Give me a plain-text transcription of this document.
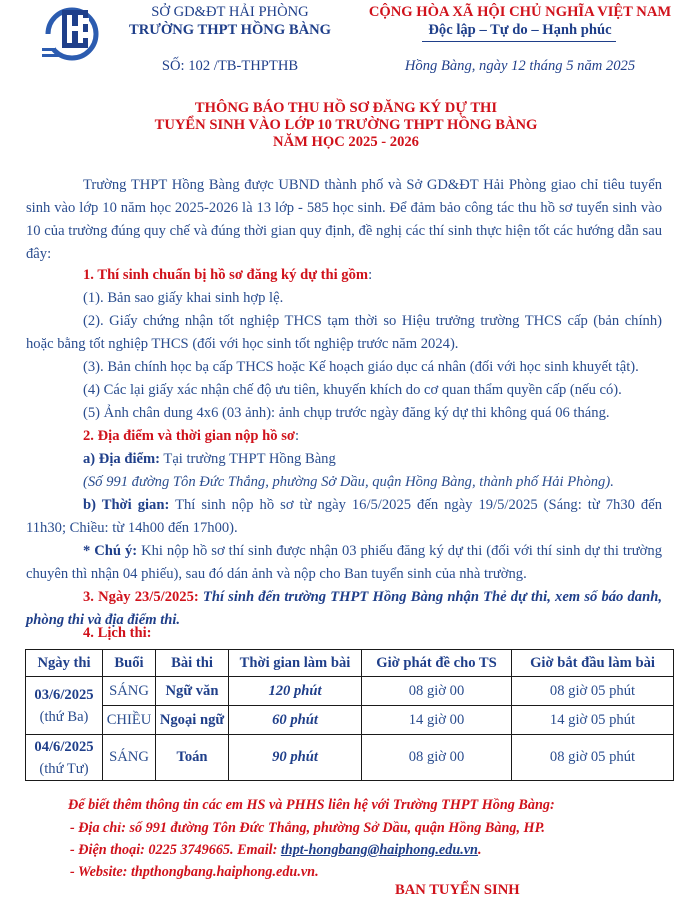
SỞ GD&ĐT HẢI PHÒNG
TRƯỜNG THPT HỒNG BÀNG
CỘNG HÒA XÃ HỘI CHỦ NGHĨA VIỆT NAM
Độc lập – Tự do – Hạnh phúc
SỐ: 102 /TB-THPTHB	Hồng Bàng, ngày 12 tháng 5 năm 2025
THÔNG BÁO THU HỒ SƠ ĐĂNG KÝ DỰ THI
TUYỂN SINH VÀO LỚP 10 TRƯỜNG THPT HỒNG BÀNG
NĂM HỌC 2025 - 2026

Trường THPT Hồng Bàng được UBND thành phố và Sở GD&ĐT Hải Phòng giao chỉ tiêu tuyển sinh vào lớp 10 năm học 2025-2026 là 13 lớp - 585 học sinh. Để đảm bảo công tác thu hồ sơ tuyển sinh vào 10 của trường đúng quy chế và đúng thời gian quy định, đề nghị các thí sinh thực hiện tốt các hướng dẫn sau đây:

1. Thí sinh chuẩn bị hồ sơ đăng ký dự thi gồm:

(1). Bản sao giấy khai sinh hợp lệ.

(2). Giấy chứng nhận tốt nghiệp THCS tạm thời so Hiệu trưởng trường THCS cấp (bản chính) hoặc bằng tốt nghiệp THCS (đối với học sinh tốt nghiệp trước năm 2024).

(3). Bản chính học bạ cấp THCS hoặc Kế hoạch giáo dục cá nhân (đối với học sinh khuyết tật).

(4) Các lại giấy xác nhận chế độ ưu tiên, khuyến khích do cơ quan thẩm quyền cấp (nếu có).

(5) Ảnh chân dung 4x6 (03 ảnh): ảnh chụp trước ngày đăng ký dự thi không quá 06 tháng.

2. Địa điểm và thời gian nộp hồ sơ:

a) Địa điểm: Tại trường THPT Hồng Bàng

(Số 991 đường Tôn Đức Thắng, phường Sở Dầu, quận Hồng Bàng, thành phố Hải Phòng).

b) Thời gian: Thí sinh nộp hồ sơ từ ngày 16/5/2025 đến ngày 19/5/2025 (Sáng: từ 7h30 đến 11h30; Chiều: từ 14h00 đến 17h00).

* Chú ý: Khi nộp hồ sơ thí sinh được nhận 03 phiếu đăng ký dự thi (đối với thí sinh dự thi trường chuyên thì nhận 04 phiếu), sau đó dán ảnh và nộp cho Ban tuyển sinh của nhà trường.

3. Ngày 23/5/2025: Thí sinh đến trường THPT Hồng Bàng nhận Thẻ dự thi, xem số báo danh, phòng thi và địa điểm thi.

4. Lịch thi:

Ngày thi	Buổi	Bài thi	Thời gian làm bài	Giờ phát đề cho TS	Giờ bắt đầu làm bài
03/6/2025
(thứ Ba)	SÁNG	Ngữ văn	120 phút	08 giờ 00	08 giờ 05 phút
	CHIỀU	Ngoại ngữ	60 phút	14 giờ 00	14 giờ 05 phút
04/6/2025
(thứ Tư)	SÁNG	Toán	90 phút	08 giờ 00	08 giờ 05 phút
Để biết thêm thông tin các em HS và PHHS liên hệ với Trường THPT Hồng Bàng:
- Địa chỉ: số 991 đường Tôn Đức Thắng, phường Sở Dầu, quận Hồng Bàng, HP.
- Điện thoại: 0225 3749665. Email: thpt-hongbang@haiphong.edu.vn.
- Website: thpthongbang.haiphong.edu.vn.
BAN TUYỂN SINH
